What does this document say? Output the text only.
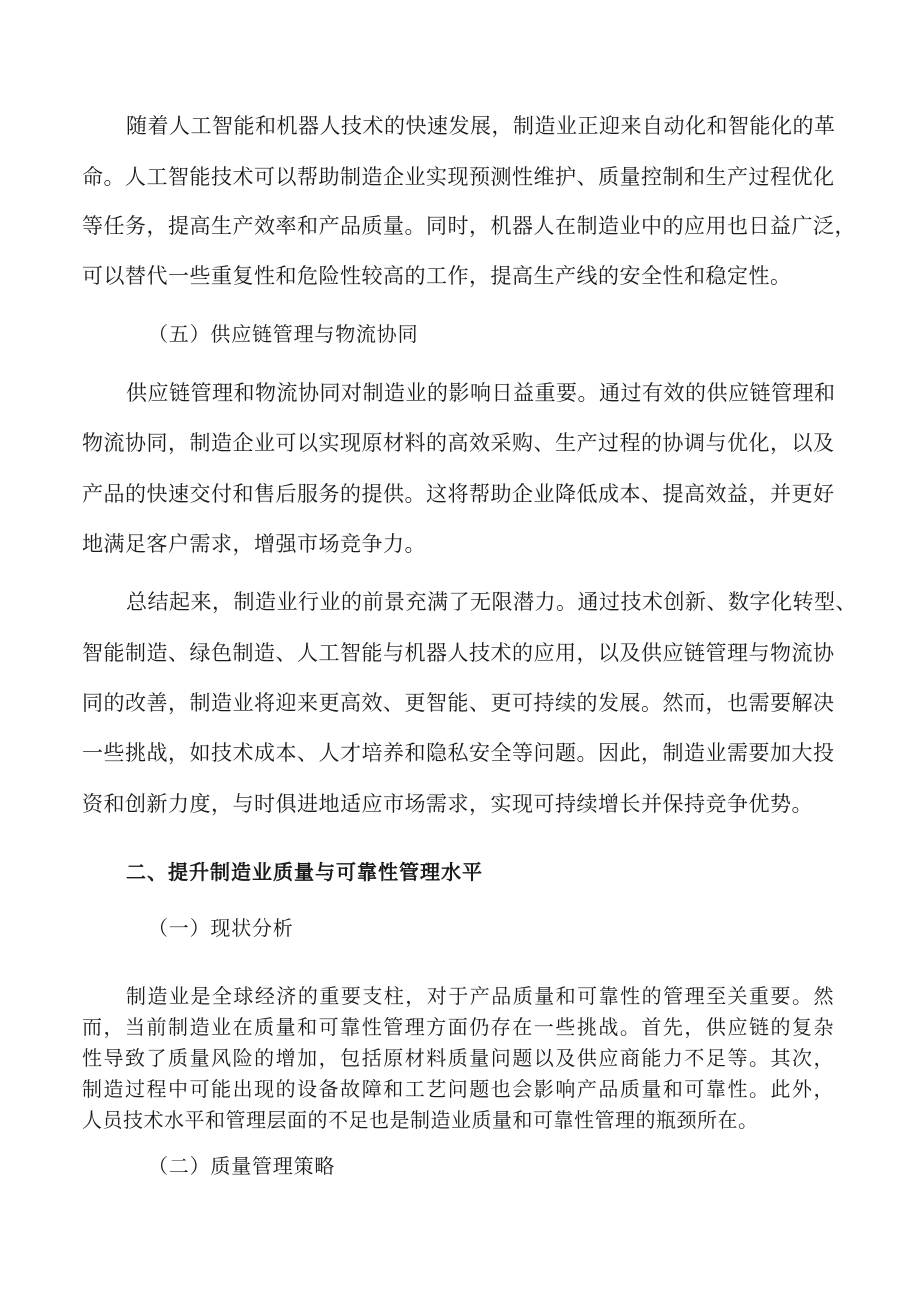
随着人工智能和机器人技术的快速发展，制造业正迎来自动化和智能化的革
命。人工智能技术可以帮助制造企业实现预测性维护、质量控制和生产过程优化
等任务，提高生产效率和产品质量。同时，机器人在制造业中的应用也日益广泛，
可以替代一些重复性和危险性较高的工作，提高生产线的安全性和稳定性。
（五）供应链管理与物流协同
供应链管理和物流协同对制造业的影响日益重要。通过有效的供应链管理和
物流协同，制造企业可以实现原材料的高效采购、生产过程的协调与优化，以及
产品的快速交付和售后服务的提供。这将帮助企业降低成本、提高效益，并更好
地满足客户需求，增强市场竞争力。
总结起来，制造业行业的前景充满了无限潜力。通过技术创新、数字化转型、
智能制造、绿色制造、人工智能与机器人技术的应用，以及供应链管理与物流协
同的改善，制造业将迎来更高效、更智能、更可持续的发展。然而，也需要解决
一些挑战，如技术成本、人才培养和隐私安全等问题。因此，制造业需要加大投
资和创新力度，与时俱进地适应市场需求，实现可持续增长并保持竞争优势。
二、提升制造业质量与可靠性管理水平
（一）现状分析
制造业是全球经济的重要支柱，对于产品质量和可靠性的管理至关重要。然
而，当前制造业在质量和可靠性管理方面仍存在一些挑战。首先，供应链的复杂
性导致了质量风险的增加，包括原材料质量问题以及供应商能力不足等。其次，
制造过程中可能出现的设备故障和工艺问题也会影响产品质量和可靠性。此外，
人员技术水平和管理层面的不足也是制造业质量和可靠性管理的瓶颈所在。
（二）质量管理策略
